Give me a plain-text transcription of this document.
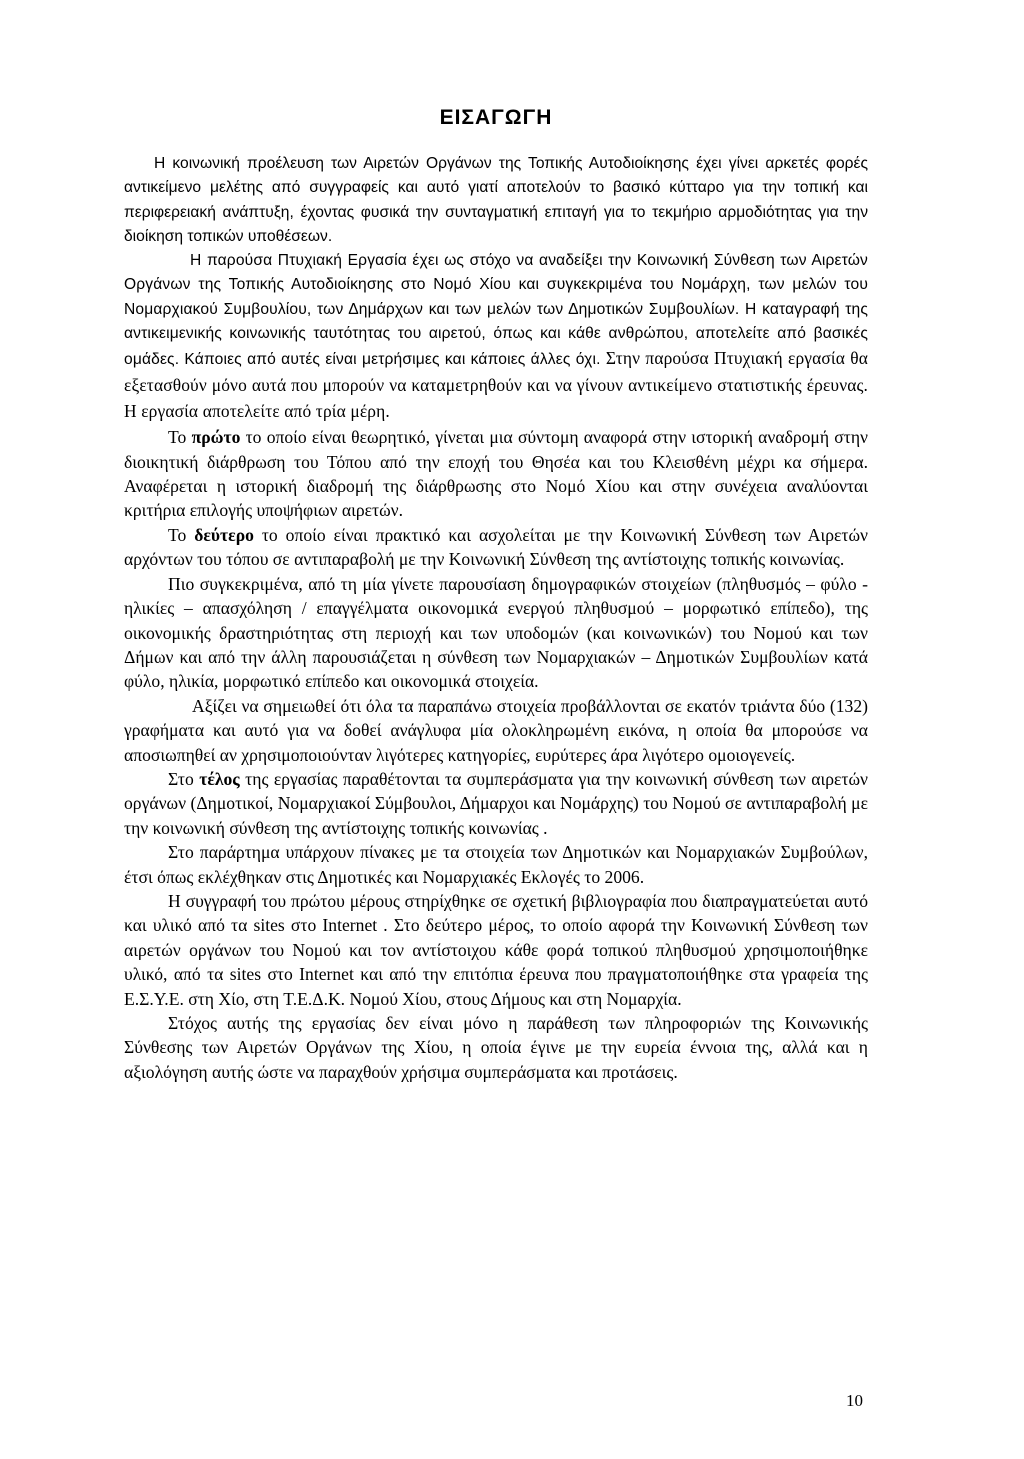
ΕΙΣΑΓΩΓΗ

Η κοινωνική προέλευση των Αιρετών Οργάνων της Τοπικής Αυτοδιοίκησης έχει γίνει αρκετές φορές αντικείμενο μελέτης από συγγραφείς και αυτό γιατί αποτελούν το βασικό κύτταρο για την τοπική και περιφερειακή ανάπτυξη, έχοντας φυσικά την συνταγματική επιταγή για το τεκμήριο αρμοδιότητας για την διοίκηση τοπικών υποθέσεων.

Η παρούσα Πτυχιακή Εργασία έχει ως στόχο να αναδείξει την Κοινωνική Σύνθεση των Αιρετών Οργάνων της Τοπικής Αυτοδιοίκησης στο Νομό Χίου και συγκεκριμένα του Νομάρχη, των μελών του Νομαρχιακού Συμβουλίου, των Δημάρχων και των μελών των Δημοτικών Συμβουλίων. Η καταγραφή της αντικειμενικής κοινωνικής ταυτότητας του αιρετού, όπως και κάθε ανθρώπου, αποτελείτε από βασικές ομάδες. Κάποιες από αυτές είναι μετρήσιμες και κάποιες άλλες όχι. Στην παρούσα Πτυχιακή εργασία θα εξετασθούν μόνο αυτά που μπορούν να καταμετρηθούν και να γίνουν αντικείμενο στατιστικής έρευνας. Η εργασία αποτελείτε από τρία μέρη.

Το πρώτο το οποίο είναι θεωρητικό, γίνεται μια σύντομη αναφορά στην ιστορική αναδρομή στην διοικητική διάρθρωση του Τόπου από την εποχή του Θησέα και του Κλεισθένη μέχρι κα σήμερα. Αναφέρεται η ιστορική διαδρομή της διάρθρωσης στο Νομό Χίου και στην συνέχεια αναλύονται κριτήρια επιλογής υποψήφιων αιρετών.

Το δεύτερο το οποίο είναι πρακτικό και ασχολείται με την Κοινωνική Σύνθεση των Αιρετών αρχόντων του τόπου σε αντιπαραβολή με την Κοινωνική Σύνθεση της αντίστοιχης τοπικής κοινωνίας.

Πιο συγκεκριμένα, από τη μία γίνετε παρουσίαση δημογραφικών στοιχείων (πληθυσμός – φύλο - ηλικίες – απασχόληση / επαγγέλματα οικονομικά ενεργού πληθυσμού – μορφωτικό επίπεδο), της οικονομικής δραστηριότητας στη περιοχή και των υποδομών (και κοινωνικών) του Νομού και των Δήμων και από την άλλη παρουσιάζεται η σύνθεση των Νομαρχιακών – Δημοτικών Συμβουλίων κατά φύλο, ηλικία, μορφωτικό επίπεδο και οικονομικά στοιχεία.

Αξίζει να σημειωθεί ότι όλα τα παραπάνω στοιχεία προβάλλονται σε εκατόν τριάντα δύο (132) γραφήματα και αυτό για να δοθεί ανάγλυφα μία ολοκληρωμένη εικόνα, η οποία θα μπορούσε να αποσιωπηθεί αν χρησιμοποιούνταν λιγότερες κατηγορίες, ευρύτερες άρα λιγότερο ομοιογενείς.

Στο τέλος της εργασίας παραθέτονται τα συμπεράσματα για την κοινωνική σύνθεση των αιρετών οργάνων (Δημοτικοί, Νομαρχιακοί Σύμβουλοι, Δήμαρχοι και Νομάρχης) του Νομού σε αντιπαραβολή με την κοινωνική σύνθεση της αντίστοιχης τοπικής κοινωνίας .

Στο παράρτημα υπάρχουν πίνακες με τα στοιχεία των Δημοτικών και Νομαρχιακών Συμβούλων, έτσι όπως εκλέχθηκαν στις Δημοτικές και Νομαρχιακές Εκλογές το 2006.

Η συγγραφή του πρώτου μέρους στηρίχθηκε σε σχετική βιβλιογραφία που διαπραγματεύεται αυτό και υλικό από τα sites στο Internet . Στο δεύτερο μέρος, το οποίο αφορά την Κοινωνική Σύνθεση των αιρετών οργάνων του Νομού και τον αντίστοιχου κάθε φορά τοπικού πληθυσμού χρησιμοποιήθηκε υλικό, από τα sites στο Internet και από την επιτόπια έρευνα που πραγματοποιήθηκε στα γραφεία της Ε.Σ.Υ.Ε. στη Χίο, στη Τ.Ε.Δ.Κ. Νομού Χίου, στους Δήμους και στη Νομαρχία.

Στόχος αυτής της εργασίας δεν είναι μόνο η παράθεση των πληροφοριών της Κοινωνικής Σύνθεσης των Αιρετών Οργάνων της Χίου, η οποία έγινε με την ευρεία έννοια της, αλλά και η αξιολόγηση αυτής ώστε να παραχθούν χρήσιμα συμπεράσματα και προτάσεις.

10
